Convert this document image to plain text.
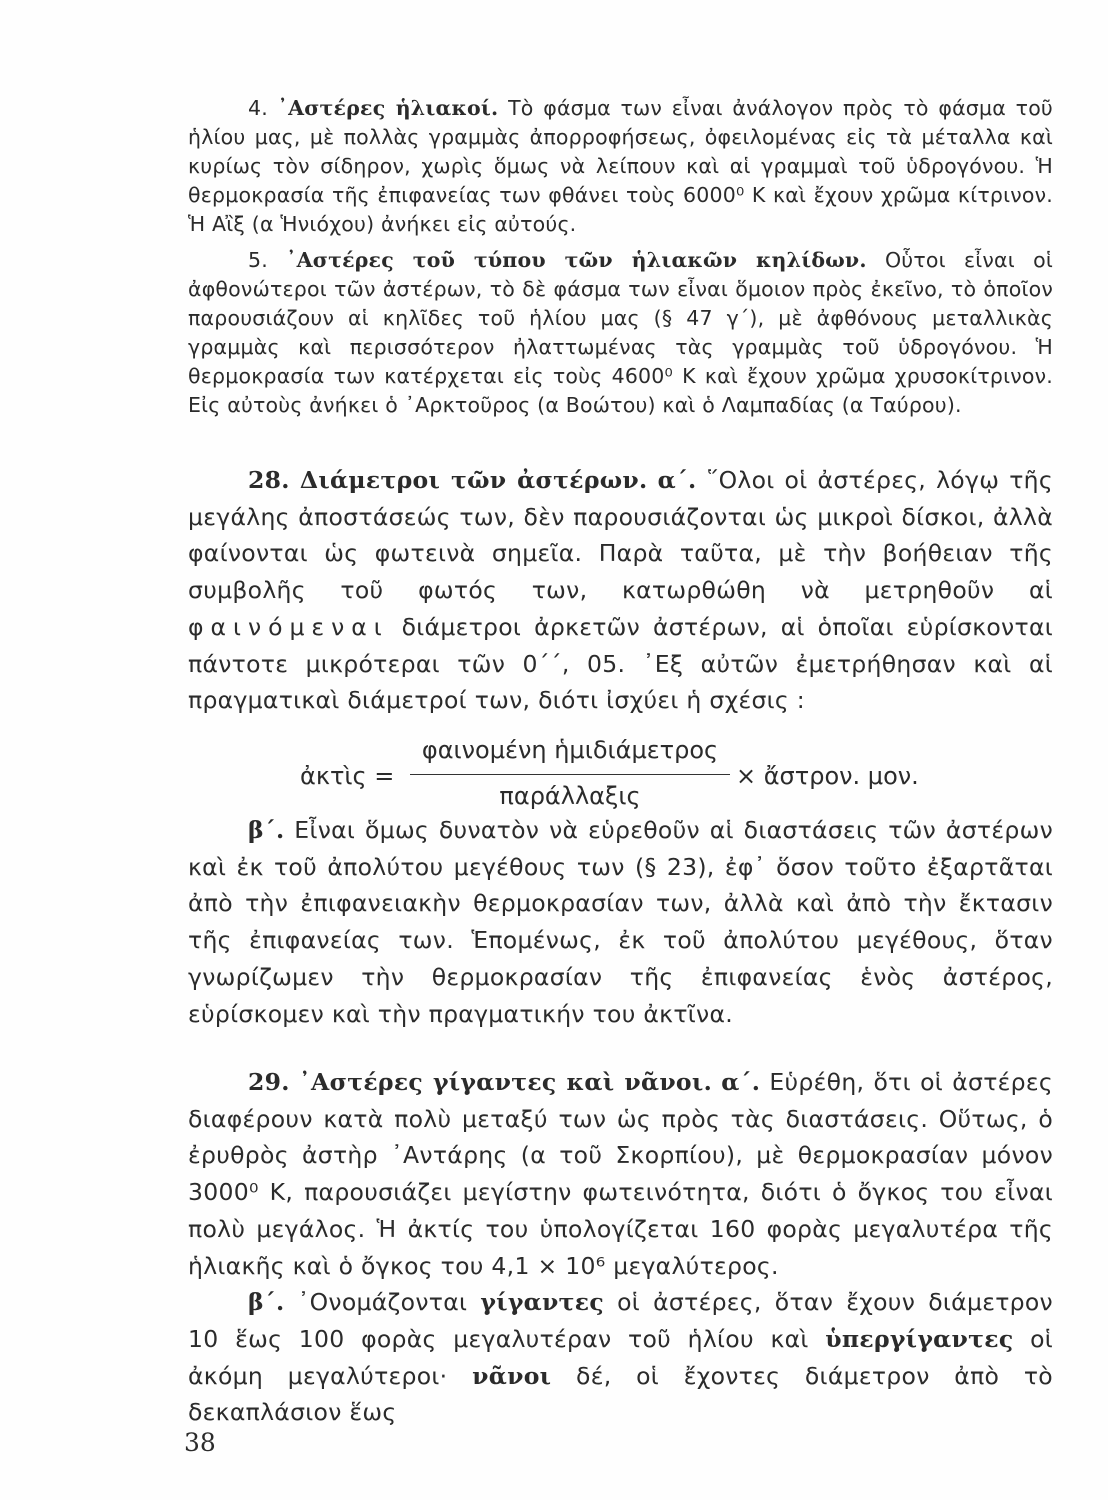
4. ᾿Αστέρες ἡλιακοί. Τὸ φάσμα των εἶναι ἀνάλογον πρὸς τὸ φάσμα τοῦ ἡλίου μας, μὲ πολλὰς γραμμὰς ἀπορροφήσεως, ὀφειλομένας εἰς τὰ μέταλλα καὶ κυρίως τὸν σίδηρον, χωρὶς ὅμως νὰ λείπουν καὶ αἱ γραμμαὶ τοῦ ὑδρογόνου. Ἡ θερμοκρασία τῆς ἐπιφανείας των φθάνει τοὺς 6000⁰ Κ καὶ ἔχουν χρῶμα κίτρινον. Ἡ Αἲξ (α Ἡνιόχου) ἀνήκει εἰς αὐτούς.

5. ᾿Αστέρες τοῦ τύπου τῶν ἡλιακῶν κηλίδων. Οὗτοι εἶναι οἱ ἀφθονώτεροι τῶν ἀστέρων, τὸ δὲ φάσμα των εἶναι ὅμοιον πρὸς ἐκεῖνο, τὸ ὁποῖον παρουσιάζουν αἱ κηλῖδες τοῦ ἡλίου μας (§ 47 γ΄), μὲ ἀφθόνους μεταλλικὰς γραμμὰς καὶ περισσότερον ἠλαττωμένας τὰς γραμμὰς τοῦ ὑδρογόνου. Ἡ θερμοκρασία των κατέρχεται εἰς τοὺς 4600⁰ Κ καὶ ἔχουν χρῶμα χρυσοκίτρινον. Εἰς αὐτοὺς ἀνήκει ὁ ᾿Αρκτοῦρος (α Βοώτου) καὶ ὁ Λαμπαδίας (α Ταύρου).

28. Διάμετροι τῶν ἀστέρων. α΄. ῞Ολοι οἱ ἀστέρες, λόγῳ τῆς μεγάλης ἀποστάσεώς των, δὲν παρουσιάζονται ὡς μικροὶ δίσκοι, ἀλλὰ φαίνονται ὡς φωτεινὰ σημεῖα. Παρὰ ταῦτα, μὲ τὴν βοήθειαν τῆς συμβολῆς τοῦ φωτός των, κατωρθώθη νὰ μετρηθοῦν αἱ φαινόμεναι διάμετροι ἀρκετῶν ἀστέρων, αἱ ὁποῖαι εὑρίσκονται πάντοτε μικρότεραι τῶν 0΄΄, 05. ᾿Εξ αὐτῶν ἐμετρήθησαν καὶ αἱ πραγματικαὶ διάμετροί των, διότι ἰσχύει ἡ σχέσις :

ἀκτὶς =
φαινομένη ἡμιδιάμετρος
παράλλαξις
× ἄστρον. μον.

β΄. Εἶναι ὅμως δυνατὸν νὰ εὑρεθοῦν αἱ διαστάσεις τῶν ἀστέρων καὶ ἐκ τοῦ ἀπολύτου μεγέθους των (§ 23), ἐφ᾿ ὅσον τοῦτο ἐξαρτᾶται ἀπὸ τὴν ἐπιφανειακὴν θερμοκρασίαν των, ἀλλὰ καὶ ἀπὸ τὴν ἔκτασιν τῆς ἐπιφανείας των. Ἑπομένως, ἐκ τοῦ ἀπολύτου μεγέθους, ὅταν γνωρίζωμεν τὴν θερμοκρασίαν τῆς ἐπιφανείας ἑνὸς ἀστέρος, εὑρίσκομεν καὶ τὴν πραγματικήν του ἀκτῖνα.

29. ᾿Αστέρες γίγαντες καὶ νᾶνοι. α΄. Εὑρέθη, ὅτι οἱ ἀστέρες διαφέρουν κατὰ πολὺ μεταξύ των ὡς πρὸς τὰς διαστάσεις. Οὕτως, ὁ ἐρυθρὸς ἀστὴρ ᾿Αντάρης (α τοῦ Σκορπίου), μὲ θερμοκρασίαν μόνον 3000⁰ Κ, παρουσιάζει μεγίστην φωτεινότητα, διότι ὁ ὄγκος του εἶναι πολὺ μεγάλος. Ἡ ἀκτίς του ὑπολογίζεται 160 φορὰς μεγαλυτέρα τῆς ἡλιακῆς καὶ ὁ ὄγκος του 4,1 × 10⁶ μεγαλύτερος.

β΄. ᾿Ονομάζονται γίγαντες οἱ ἀστέρες, ὅταν ἔχουν διάμετρον 10 ἕως 100 φορὰς μεγαλυτέραν τοῦ ἡλίου καὶ ὑπεργίγαντες οἱ ἀκόμη μεγαλύτεροι· νᾶνοι δέ, οἱ ἔχοντες διάμετρον ἀπὸ τὸ δεκαπλάσιον ἕως

38
